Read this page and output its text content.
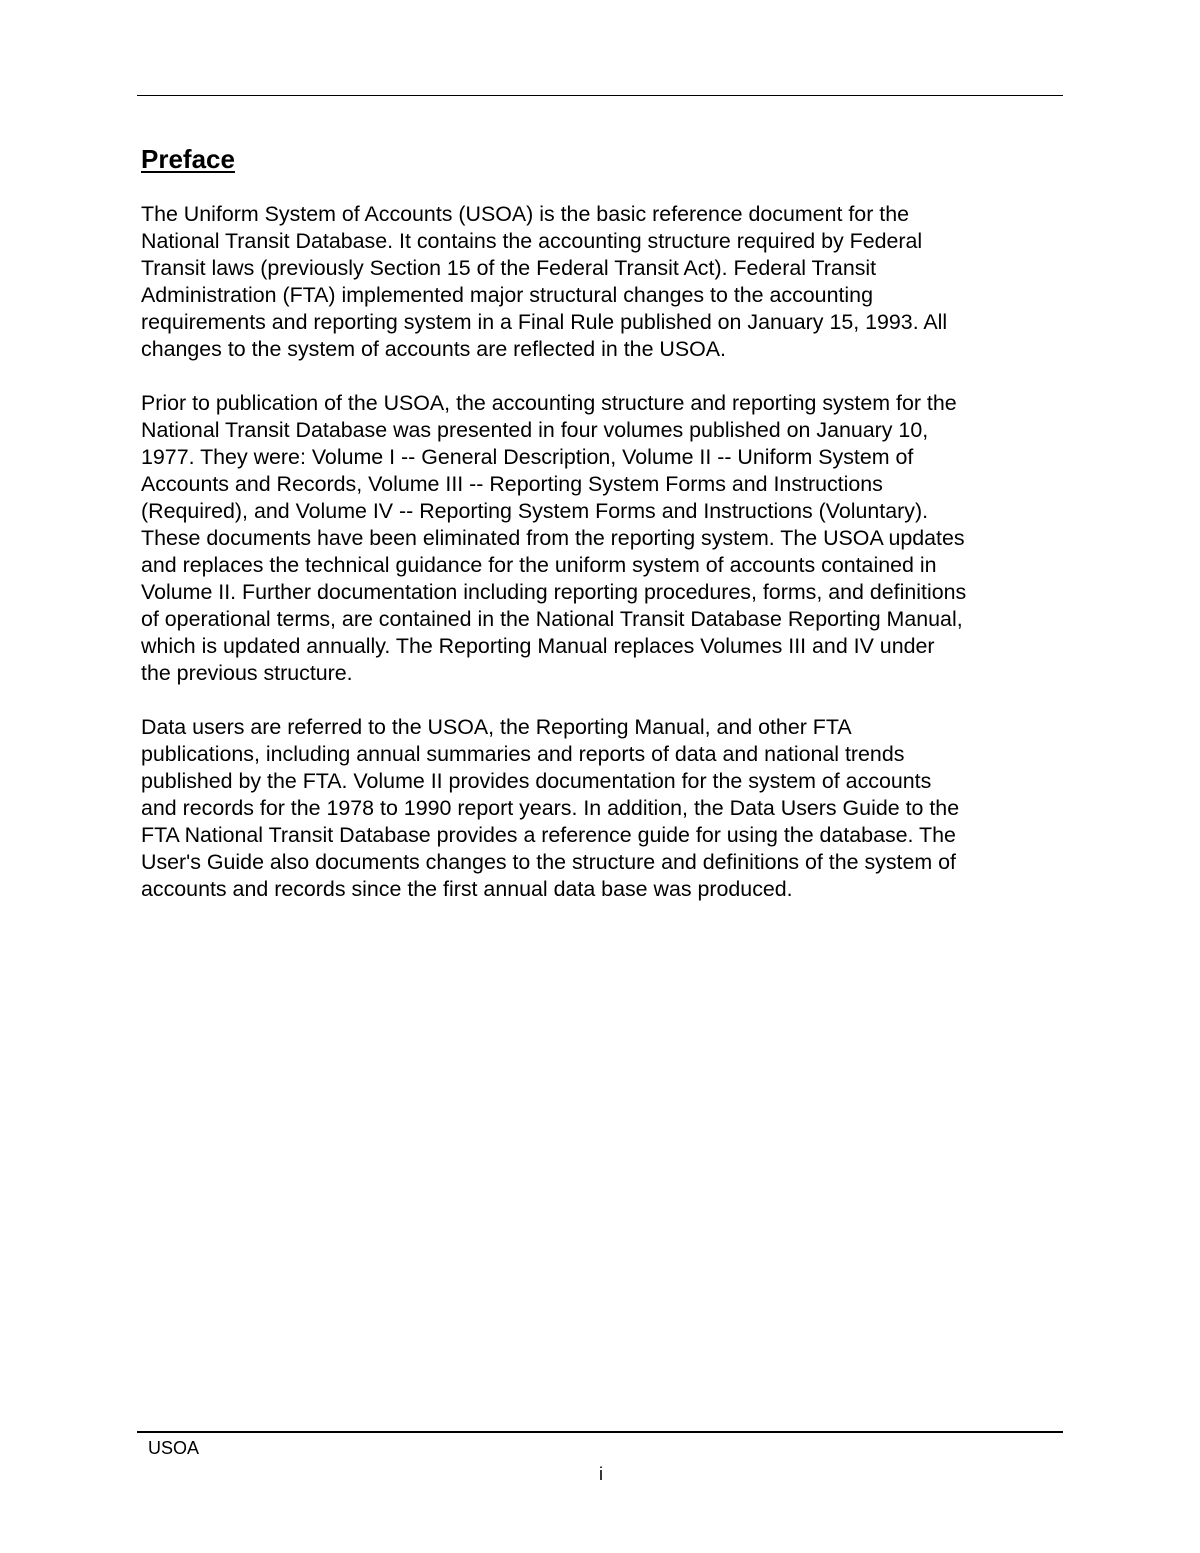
Preface

The Uniform System of Accounts (USOA) is the basic reference document for the
National Transit Database. It contains the accounting structure required by Federal
Transit laws (previously Section 15 of the Federal Transit Act). Federal Transit
Administration (FTA) implemented major structural changes to the accounting
requirements and reporting system in a Final Rule published on January 15, 1993. All
changes to the system of accounts are reflected in the USOA.

Prior to publication of the USOA, the accounting structure and reporting system for the
National Transit Database was presented in four volumes published on January 10,
1977. They were: Volume I -- General Description, Volume II -- Uniform System of
Accounts and Records, Volume III -- Reporting System Forms and Instructions
(Required), and Volume IV -- Reporting System Forms and Instructions (Voluntary).
These documents have been eliminated from the reporting system. The USOA updates
and replaces the technical guidance for the uniform system of accounts contained in
Volume II. Further documentation including reporting procedures, forms, and definitions
of operational terms, are contained in the National Transit Database Reporting Manual,
which is updated annually. The Reporting Manual replaces Volumes III and IV under
the previous structure.

Data users are referred to the USOA, the Reporting Manual, and other FTA
publications, including annual summaries and reports of data and national trends
published by the FTA. Volume II provides documentation for the system of accounts
and records for the 1978 to 1990 report years. In addition, the Data Users Guide to the
FTA National Transit Database provides a reference guide for using the database. The
User's Guide also documents changes to the structure and definitions of the system of
accounts and records since the first annual data base was produced.

USOA
i
